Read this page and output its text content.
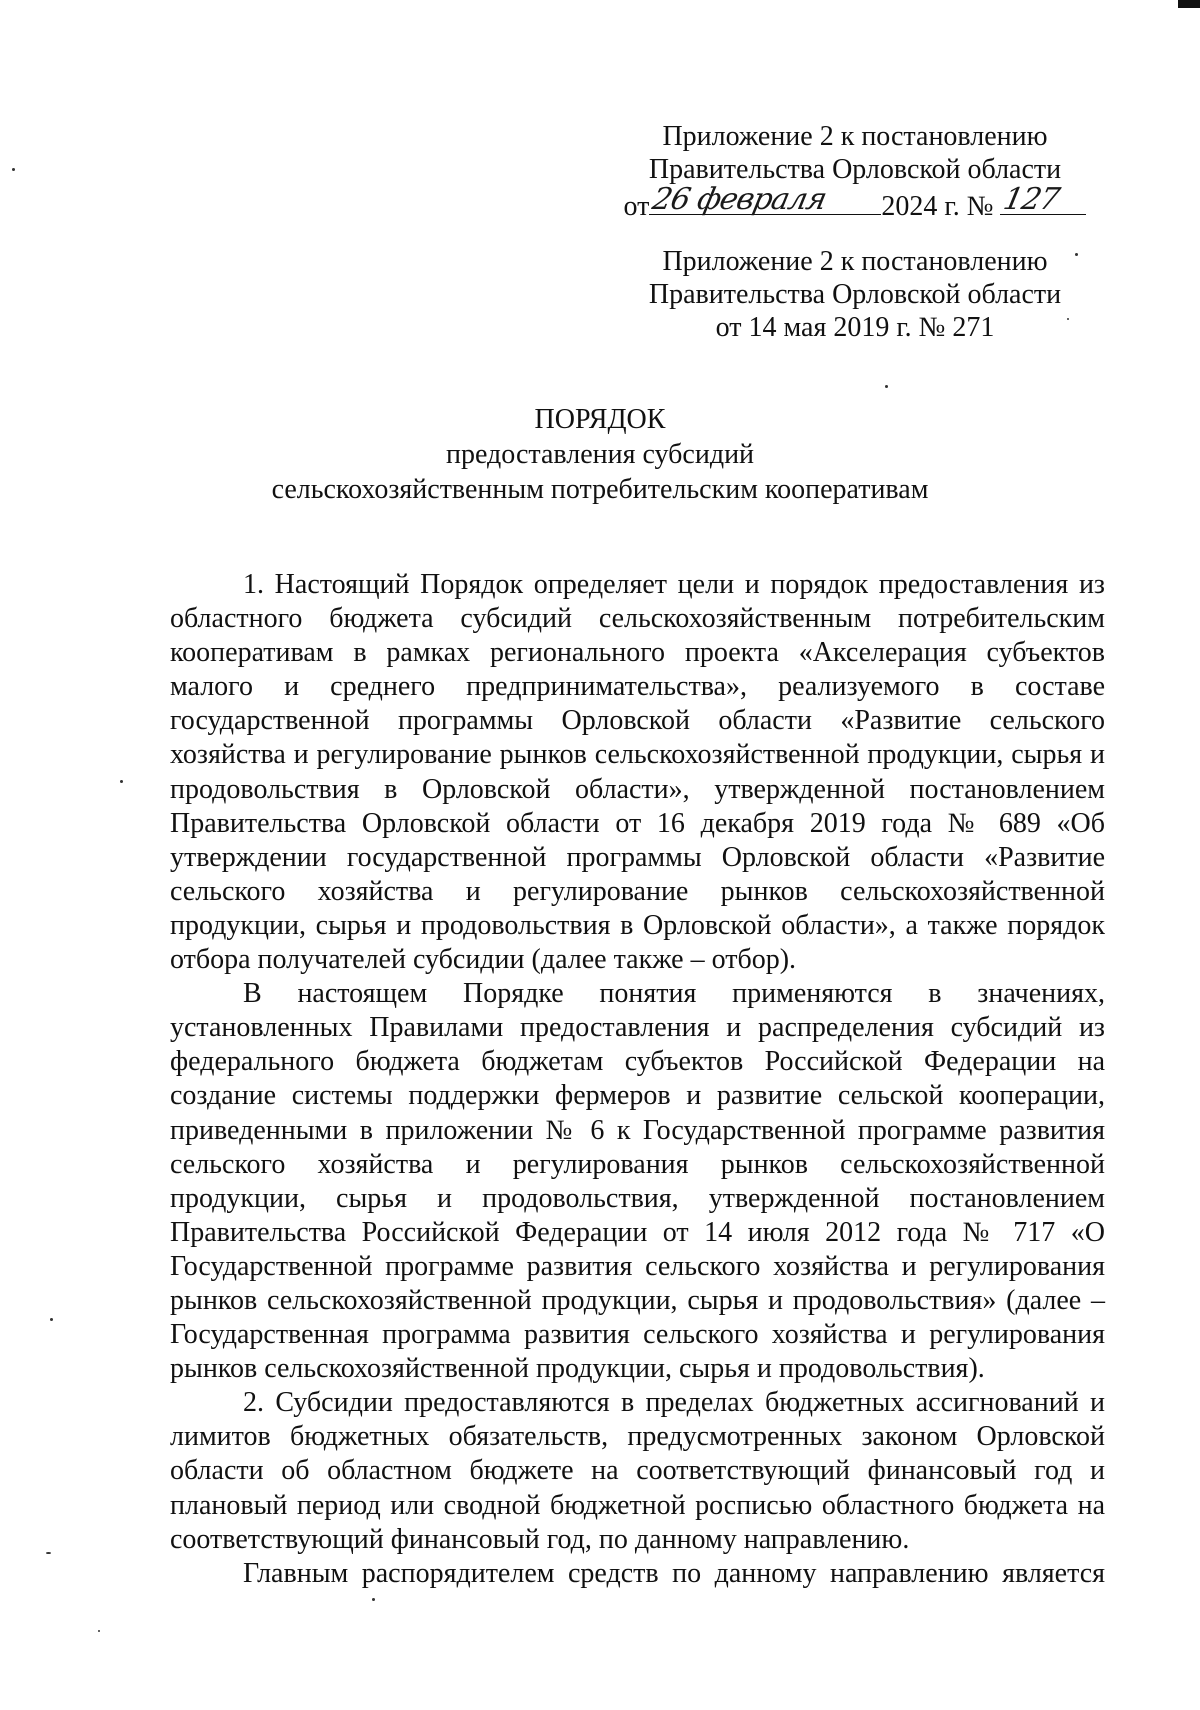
Приложение 2 к постановлению
Правительства Орловской области
от 26 февраля 2024 г. № 127
Приложение 2 к постановлению
Правительства Орловской области
от 14 мая 2019 г. № 271
ПОРЯДОК
предоставления субсидий
сельскохозяйственным потребительским кооперативам

1. Настоящий Порядок определяет цели и порядок предоставления из областного бюджета субсидий сельскохозяйственным потребительским кооперативам в рамках регионального проекта «Акселерация субъектов малого и среднего предпринимательства», реализуемого в составе государственной программы Орловской области «Развитие сельского хозяйства и регулирование рынков сельскохозяйственной продукции, сырья и продовольствия в Орловской области», утвержденной постановлением Правительства Орловской области от 16 декабря 2019 года № 689 «Об утверждении государственной программы Орловской области «Развитие сельского хозяйства и регулирование рынков сельскохозяйственной продукции, сырья и продовольствия в Орловской области», а также порядок отбора получателей субсидии (далее также – отбор).

В настоящем Порядке понятия применяются в значениях, установленных Правилами предоставления и распределения субсидий из федерального бюджета бюджетам субъектов Российской Федерации на создание системы поддержки фермеров и развитие сельской кооперации, приведенными в приложении № 6 к Государственной программе развития сельского хозяйства и регулирования рынков сельскохозяйственной продукции, сырья и продовольствия, утвержденной постановлением Правительства Российской Федерации от 14 июля 2012 года № 717 «О Государственной программе развития сельского хозяйства и регулирования рынков сельскохозяйственной продукции, сырья и продовольствия» (далее – Государственная программа развития сельского хозяйства и регулирования рынков сельскохозяйственной продукции, сырья и продовольствия).

2. Субсидии предоставляются в пределах бюджетных ассигнований и лимитов бюджетных обязательств, предусмотренных законом Орловской области об областном бюджете на соответствующий финансовый год и плановый период или сводной бюджетной росписью областного бюджета на соответствующий финансовый год, по данному направлению.

Главным распорядителем средств по данному направлению является
